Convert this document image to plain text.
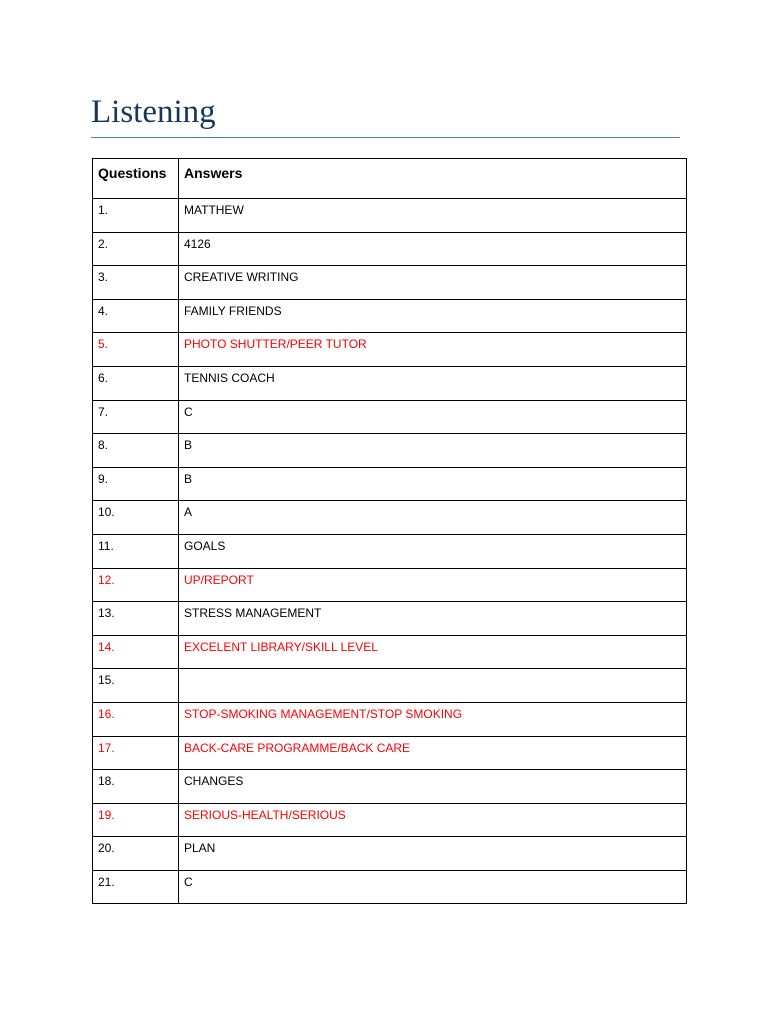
Listening
Questions	Answers
1.	MATTHEW
2.	4126
3.	CREATIVE WRITING
4.	FAMILY FRIENDS
5.	PHOTO SHUTTER/PEER TUTOR
6.	TENNIS COACH
7.	C
8.	B
9.	B
10.	A
11.	GOALS
12.	UP/REPORT
13.	STRESS MANAGEMENT
14.	EXCELENT LIBRARY/SKILL LEVEL
15.	
16.	STOP-SMOKING MANAGEMENT/STOP SMOKING
17.	BACK-CARE PROGRAMME/BACK CARE
18.	CHANGES
19.	SERIOUS-HEALTH/SERIOUS
20.	PLAN
21.	C
